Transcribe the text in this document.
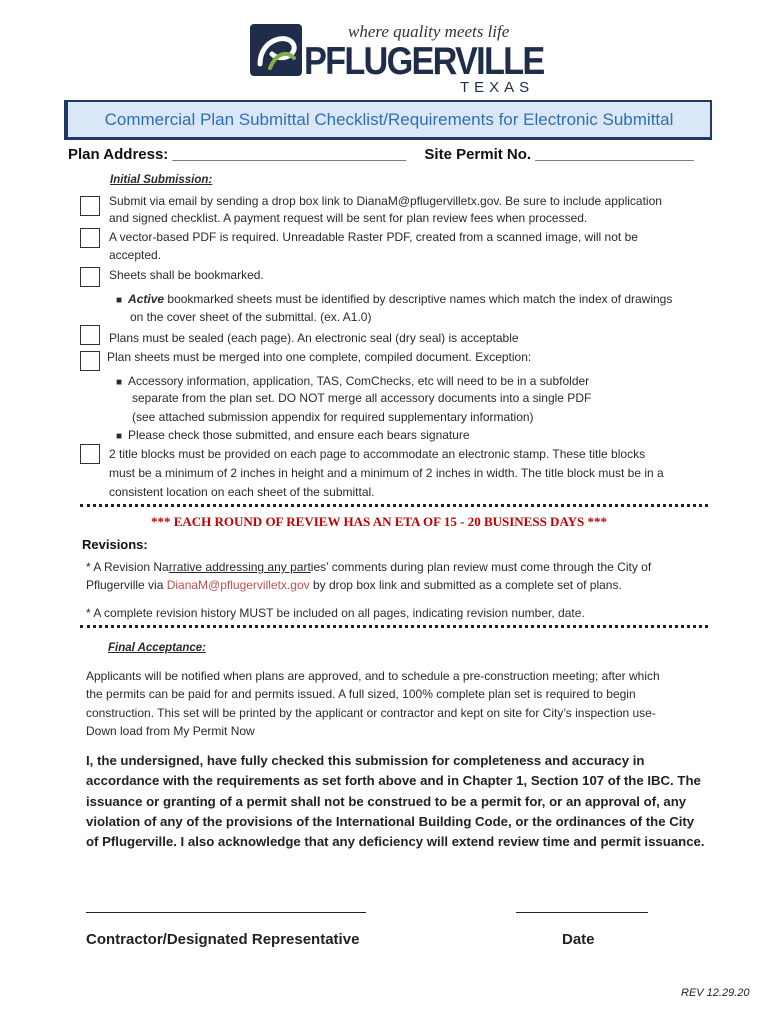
where quality meets life
PFLUGERVILLE
TEXAS
Commercial Plan Submittal Checklist/Requirements for Electronic Submittal
Plan Address: ____________________________ Site Permit No. ___________________
Initial Submission:
Submit via email by sending a drop box link to DianaM@pflugervilletx.gov. Be sure to include application
and signed checklist. A payment request will be sent for plan review fees when processed.
A vector-based PDF is required. Unreadable Raster PDF, created from a scanned image, will not be
accepted.
Sheets shall be bookmarked.
■ Active bookmarked sheets must be identified by descriptive names which match the index of drawings
on the cover sheet of the submittal. (ex. A1.0)
Plans must be sealed (each page). An electronic seal (dry seal) is acceptable
Plan sheets must be merged into one complete, compiled document. Exception:
■ Accessory information, application, TAS, ComChecks, etc will need to be in a subfolder
separate from the plan set. DO NOT merge all accessory documents into a single PDF
(see attached submission appendix for required supplementary information)
■ Please check those submitted, and ensure each bears signature
2 title blocks must be provided on each page to accommodate an electronic stamp. These title blocks
must be a minimum of 2 inches in height and a minimum of 2 inches in width. The title block must be in a
consistent location on each sheet of the submittal.
*** EACH ROUND OF REVIEW HAS AN ETA OF 15 - 20 BUSINESS DAYS ***
Revisions:
* A Revision Narrative addressing any parties’ comments during plan review must come through the City of
Pflugerville via DianaM@pflugervilletx.gov by drop box link and submitted as a complete set of plans.
* A complete revision history MUST be included on all pages, indicating revision number, date.
Final Acceptance:
Applicants will be notified when plans are approved, and to schedule a pre-construction meeting; after which
the permits can be paid for and permits issued. A full sized, 100% complete plan set is required to begin
construction. This set will be printed by the applicant or contractor and kept on site for City’s inspection use-
Down load from My Permit Now
I, the undersigned, have fully checked this submission for completeness and accuracy in
accordance with the requirements as set forth above and in Chapter 1, Section 107 of the IBC. The
issuance or granting of a permit shall not be construed to be a permit for, or an approval of, any
violation of any of the provisions of the International Building Code, or the ordinances of the City
of Pflugerville. I also acknowledge that any deficiency will extend review time and permit issuance.
Contractor/Designated Representative	Date
REV 12.29.20
